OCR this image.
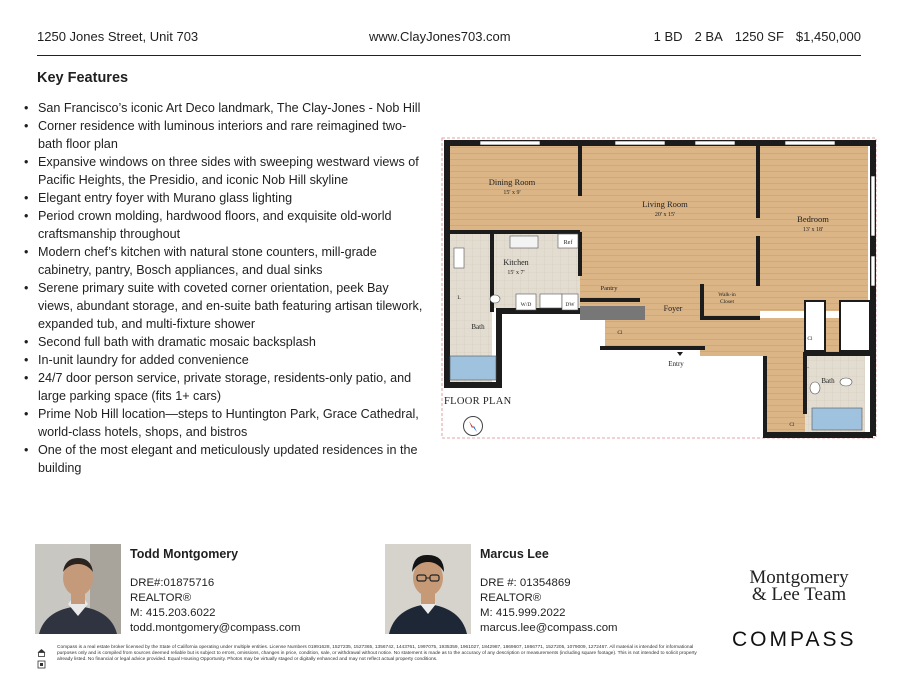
1250 Jones Street, Unit 703	www.ClayJones703.com	1 BD 2 BA 1250 SF $1,450,000
Key Features
• San Francisco’s iconic Art Deco landmark, The Clay-Jones - Nob Hill
• Corner residence with luminous interiors and rare reimagined two-bath floor plan
• Expansive windows on three sides with sweeping westward views of Pacific Heights, the Presidio, and iconic Nob Hill skyline
• Elegant entry foyer with Murano glass lighting
• Period crown molding, hardwood floors, and exquisite old-world craftsmanship throughout
• Modern chef’s kitchen with natural stone counters, mill-grade cabinetry, pantry, Bosch appliances, and dual sinks
• Serene primary suite with coveted corner orientation, peek Bay views, abundant storage, and en-suite bath featuring artisan tilework, expanded tub, and multi-fixture shower
• Second full bath with dramatic mosaic backsplash
• In-unit laundry for added convenience
• 24/7 door person service, private storage, residents-only patio, and large parking space (fits 1+ cars)
• Prime Nob Hill location—steps to Huntington Park, Grace Cathedral, world-class hotels, shops, and bistros
• One of the most elegant and meticulously updated residences in the building
Dining Room
15' x 9'
Living Room
20' x 15'	Bedroom
13' x 18'
Kitchen
15' x 7'
Ref
Pantry
Walk-in
Closet
Foyer
Entry
Bath
Bath
W/D	DW
Cl
Cl
Cl
L
L
FLOOR PLAN
Todd Montgomery
DRE#:01875716
REALTOR®
M: 415.203.6022
todd.montgomery@compass.com
Marcus Lee
DRE #: 01354869
REALTOR®
M: 415.999.2022
marcus.lee@compass.com
Montgomery
& Lee Team
COMPASS
Compass is a real estate broker licensed by the State of California operating under multiple entities. License Numbers 01991628, 1527235, 1527365, 1356742, 1443761, 1997075, 1935359, 1961027, 1842987, 1869607, 1866771, 1527205, 1079009, 1272467. All material is intended for informational purposes only and is compiled from sources deemed reliable but is subject to errors, omissions, changes in price, condition, sale, or withdrawal without notice. No statement is made as to the accuracy of any description or measurements (including square footage). This is not intended to solicit property already listed. No financial or legal advice provided. Equal Housing Opportunity. Photos may be virtually staged or digitally enhanced and may not reflect actual property conditions.
